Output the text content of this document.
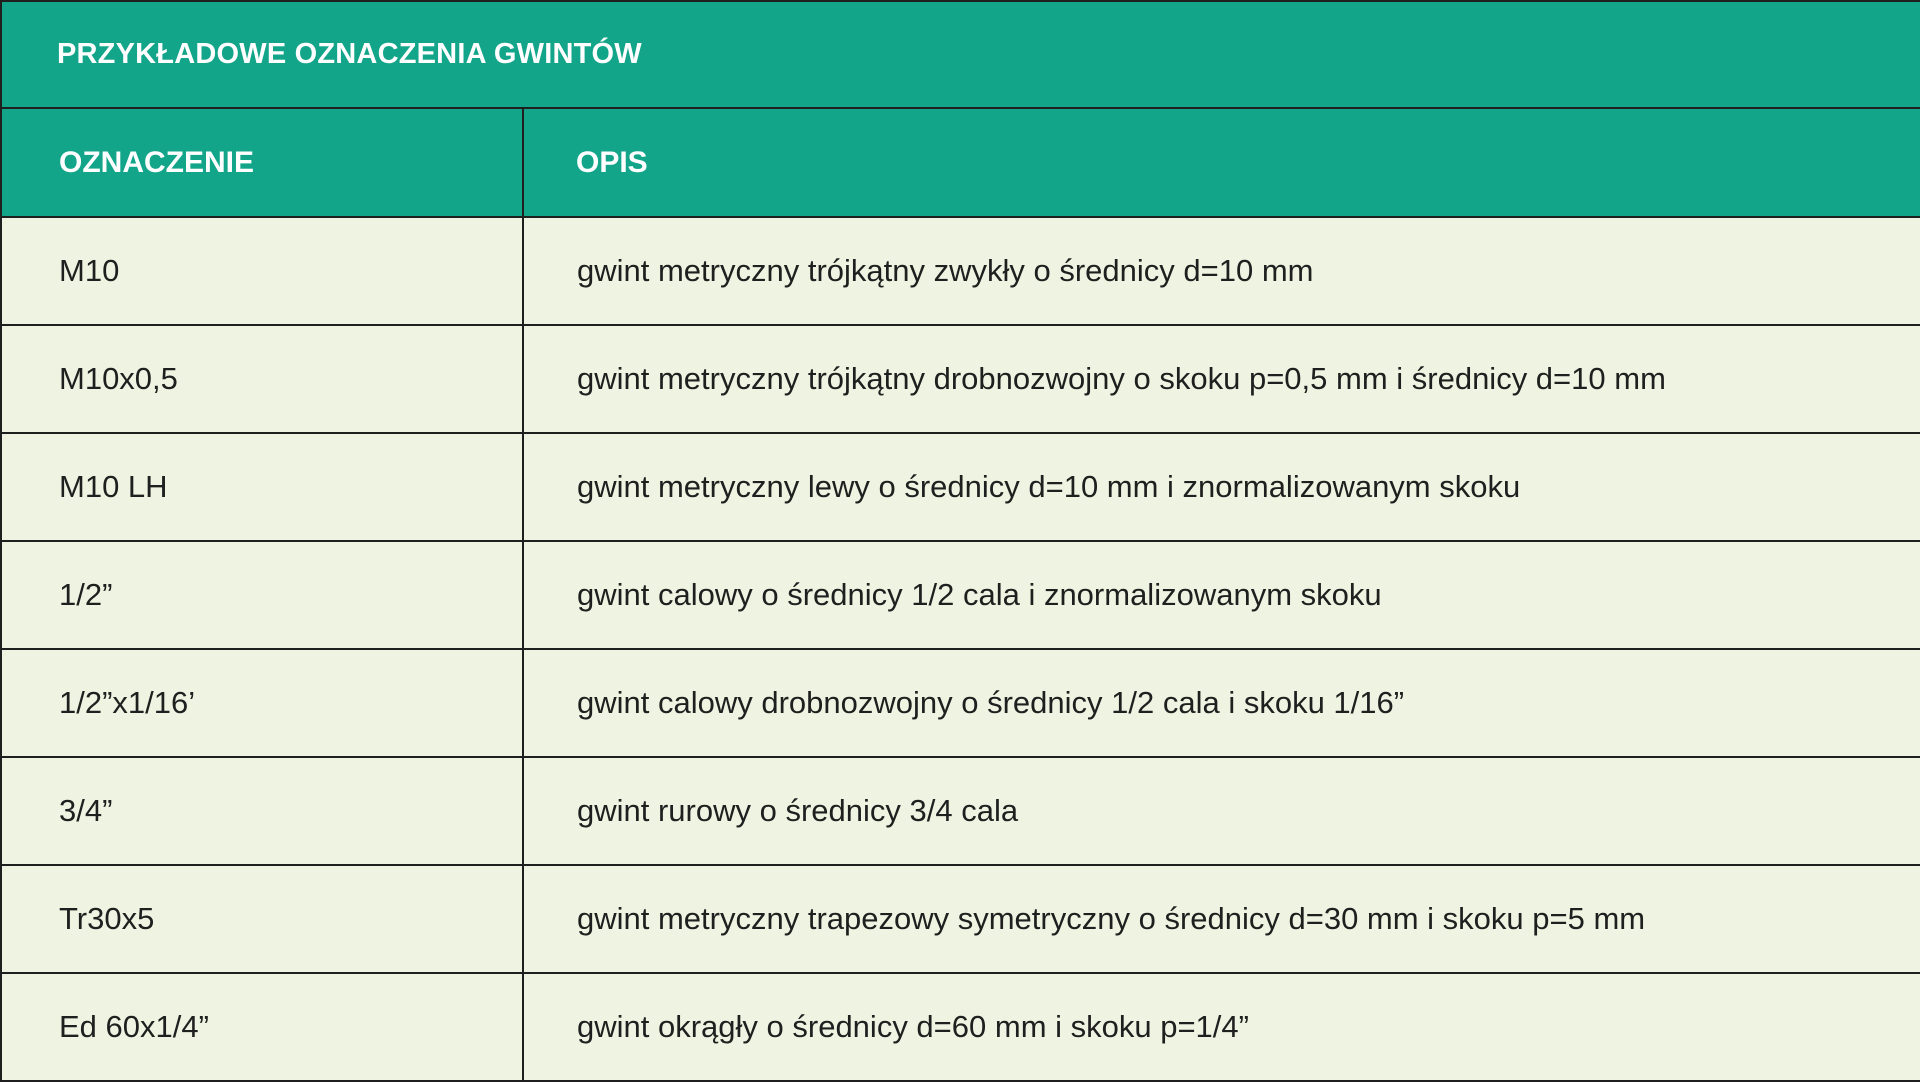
PRZYKŁADOWE OZNACZENIA GWINTÓW	
OZNACZENIE	OPIS
M10	gwint metryczny trójkątny zwykły o średnicy d=10 mm
M10x0,5	gwint metryczny trójkątny drobnozwojny o skoku p=0,5 mm i średnicy d=10 mm
M10 LH	gwint metryczny lewy o średnicy d=10 mm i znormalizowanym skoku
1/2”	gwint calowy o średnicy 1/2 cala i znormalizowanym skoku
1/2”x1/16’	gwint calowy drobnozwojny o średnicy 1/2 cala i skoku 1/16”
3/4”	gwint rurowy o średnicy 3/4 cala
Tr30x5	gwint metryczny trapezowy symetryczny o średnicy d=30 mm i skoku p=5 mm
Ed 60x1/4”	gwint okrągły o średnicy d=60 mm i skoku p=1/4”
